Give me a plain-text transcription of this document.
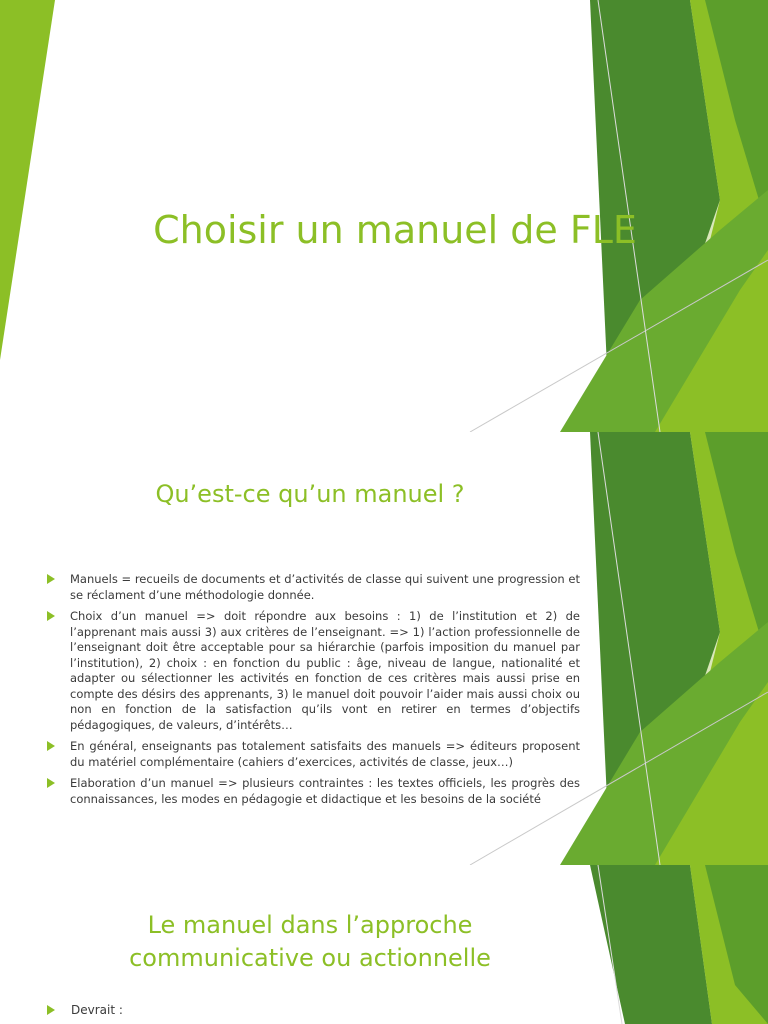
Choisir un manuel de FLE
Qu’est-ce qu’un manuel ?
Manuels = recueils de documents et d’activités de classe qui suivent une progression et se réclament d’une méthodologie donnée.
Choix d’un manuel => doit répondre aux besoins : 1) de l’institution et 2) de l’apprenant mais aussi 3) aux critères de l’enseignant. => 1) l’action professionnelle de l’enseignant doit être acceptable pour sa hiérarchie (parfois imposition du manuel par l’institution), 2) choix : en fonction du public : âge, niveau de langue, nationalité et adapter ou sélectionner les activités en fonction de ces critères mais aussi prise en compte des désirs des apprenants, 3) le manuel doit pouvoir l’aider mais aussi choix ou non en fonction de la satisfaction qu’ils vont en retirer en termes d’objectifs pédagogiques, de valeurs, d’intérêts…
En général, enseignants pas totalement satisfaits des manuels => éditeurs proposent du matériel complémentaire (cahiers d’exercices, activités de classe, jeux…)
Elaboration d’un manuel => plusieurs contraintes : les textes officiels, les progrès des connaissances, les modes en pédagogie et didactique et les besoins de la société
Le manuel dans l’approche
communicative ou actionnelle
Devrait :
